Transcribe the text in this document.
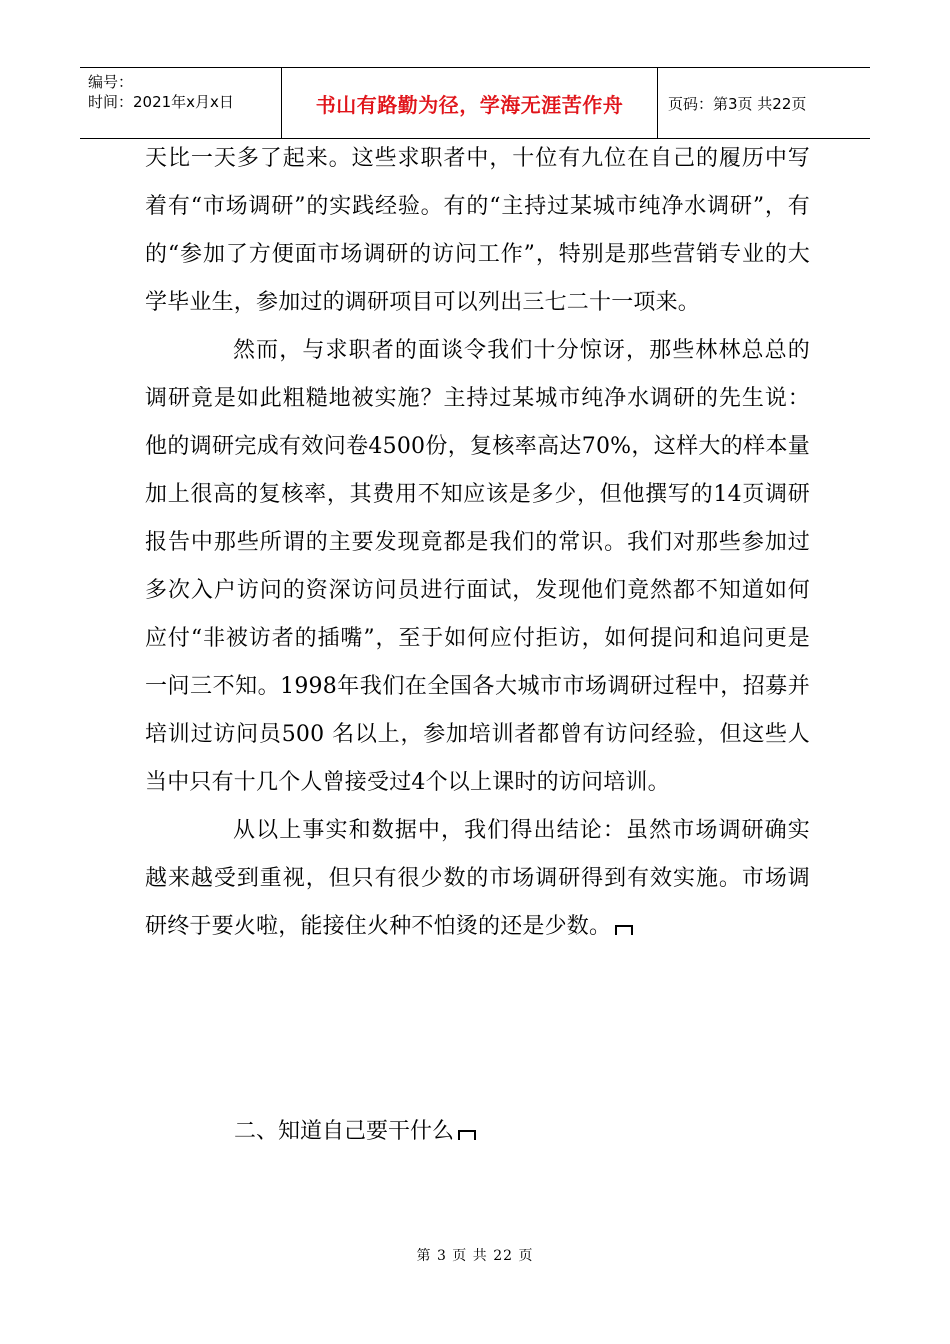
编号：
时间：2021年x月x日	书山有路勤为径，学海无涯苦作舟	页码：第3页 共22页

天比一天多了起来。这些求职者中，十位有九位在自己的履历中写着有“市场调研”的实践经验。有的“主持过某城市纯净水调研”，有的“参加了方便面市场调研的访问工作”，特别是那些营销专业的大学毕业生，参加过的调研项目可以列出三七二十一项来。

然而，与求职者的面谈令我们十分惊讶，那些林林总总的调研竟是如此粗糙地被实施？主持过某城市纯净水调研的先生说：他的调研完成有效问卷4500份，复核率高达70%，这样大的样本量加上很高的复核率，其费用不知应该是多少，但他撰写的14页调研报告中那些所谓的主要发现竟都是我们的常识。我们对那些参加过多次入户访问的资深访问员进行面试，发现他们竟然都不知道如何应付“非被访者的插嘴”，至于如何应付拒访，如何提问和追问更是一问三不知。1998年我们在全国各大城市市场调研过程中，招募并培训过访问员500 名以上，参加培训者都曾有访问经验，但这些人当中只有十几个人曾接受过4个以上课时的访问培训。

从以上事实和数据中，我们得出结论：虽然市场调研确实越来越受到重视，但只有很少数的市场调研得到有效实施。市场调研终于要火啦，能接住火种不怕烫的还是少数。

二、知道自己要干什么
第 3 页 共 22 页
